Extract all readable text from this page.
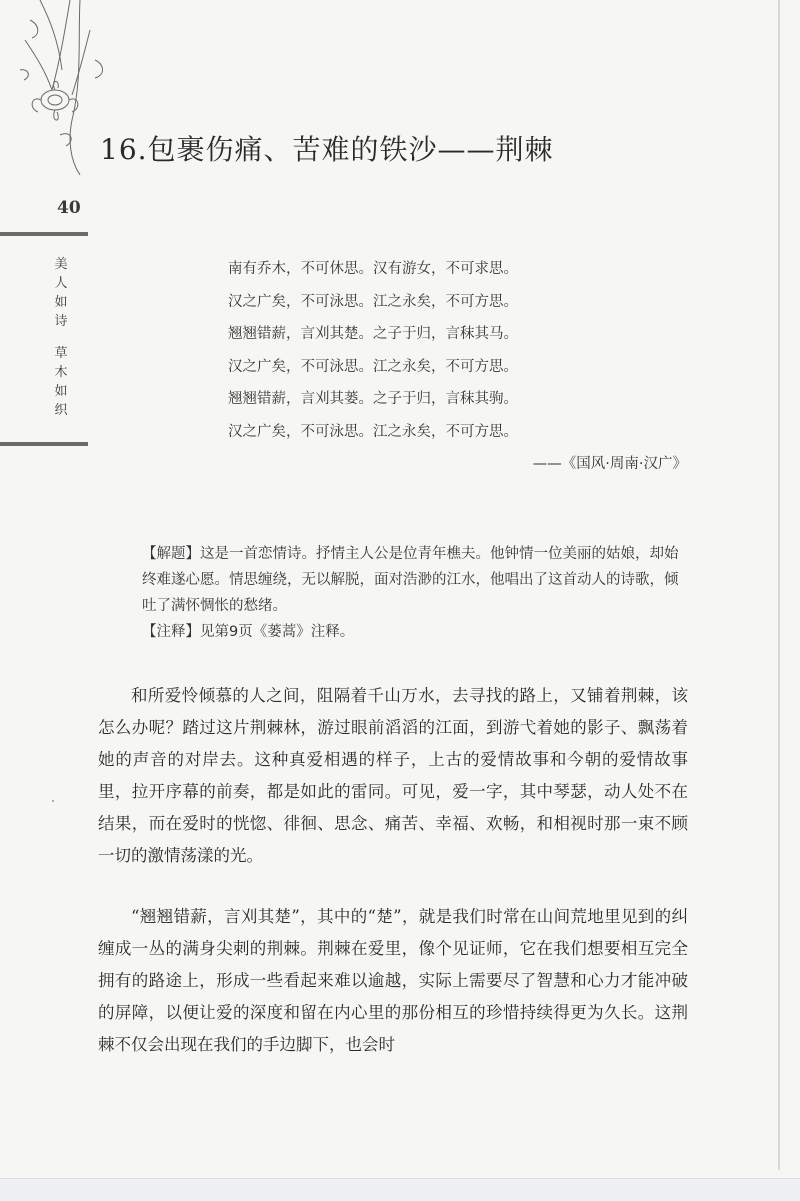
16.包裹伤痛、苦难的铁沙——荆棘
40
美人如诗
草木如织
南有乔木，不可休思。汉有游女，不可求思。
汉之广矣，不可泳思。江之永矣，不可方思。
翘翘错薪，言刈其楚。之子于归，言秣其马。
汉之广矣，不可泳思。江之永矣，不可方思。
翘翘错薪，言刈其蒌。之子于归，言秣其驹。
汉之广矣，不可泳思。江之永矣，不可方思。
——《国风·周南·汉广》

【解题】这是一首恋情诗。抒情主人公是位青年樵夫。他钟情一位美丽的姑娘，却始终难遂心愿。情思缠绕，无以解脱，面对浩渺的江水，他唱出了这首动人的诗歌，倾吐了满怀惆怅的愁绪。

【注释】见第9页《蒌蒿》注释。

和所爱怜倾慕的人之间，阻隔着千山万水，去寻找的路上，又铺着荆棘，该怎么办呢？踏过这片荆棘林，游过眼前滔滔的江面，到游弋着她的影子、飘荡着她的声音的对岸去。这种真爱相遇的样子，上古的爱情故事和今朝的爱情故事里，拉开序幕的前奏，都是如此的雷同。可见，爱一字，其中琴瑟，动人处不在结果，而在爱时的恍惚、徘徊、思念、痛苦、幸福、欢畅，和相视时那一束不顾一切的激情荡漾的光。

“翘翘错薪，言刈其楚”，其中的“楚”，就是我们时常在山间荒地里见到的纠缠成一丛的满身尖刺的荆棘。荆棘在爱里，像个见证师，它在我们想要相互完全拥有的路途上，形成一些看起来难以逾越，实际上需要尽了智慧和心力才能冲破的屏障，以便让爱的深度和留在内心里的那份相互的珍惜持续得更为久长。这荆棘不仅会出现在我们的手边脚下，也会时
